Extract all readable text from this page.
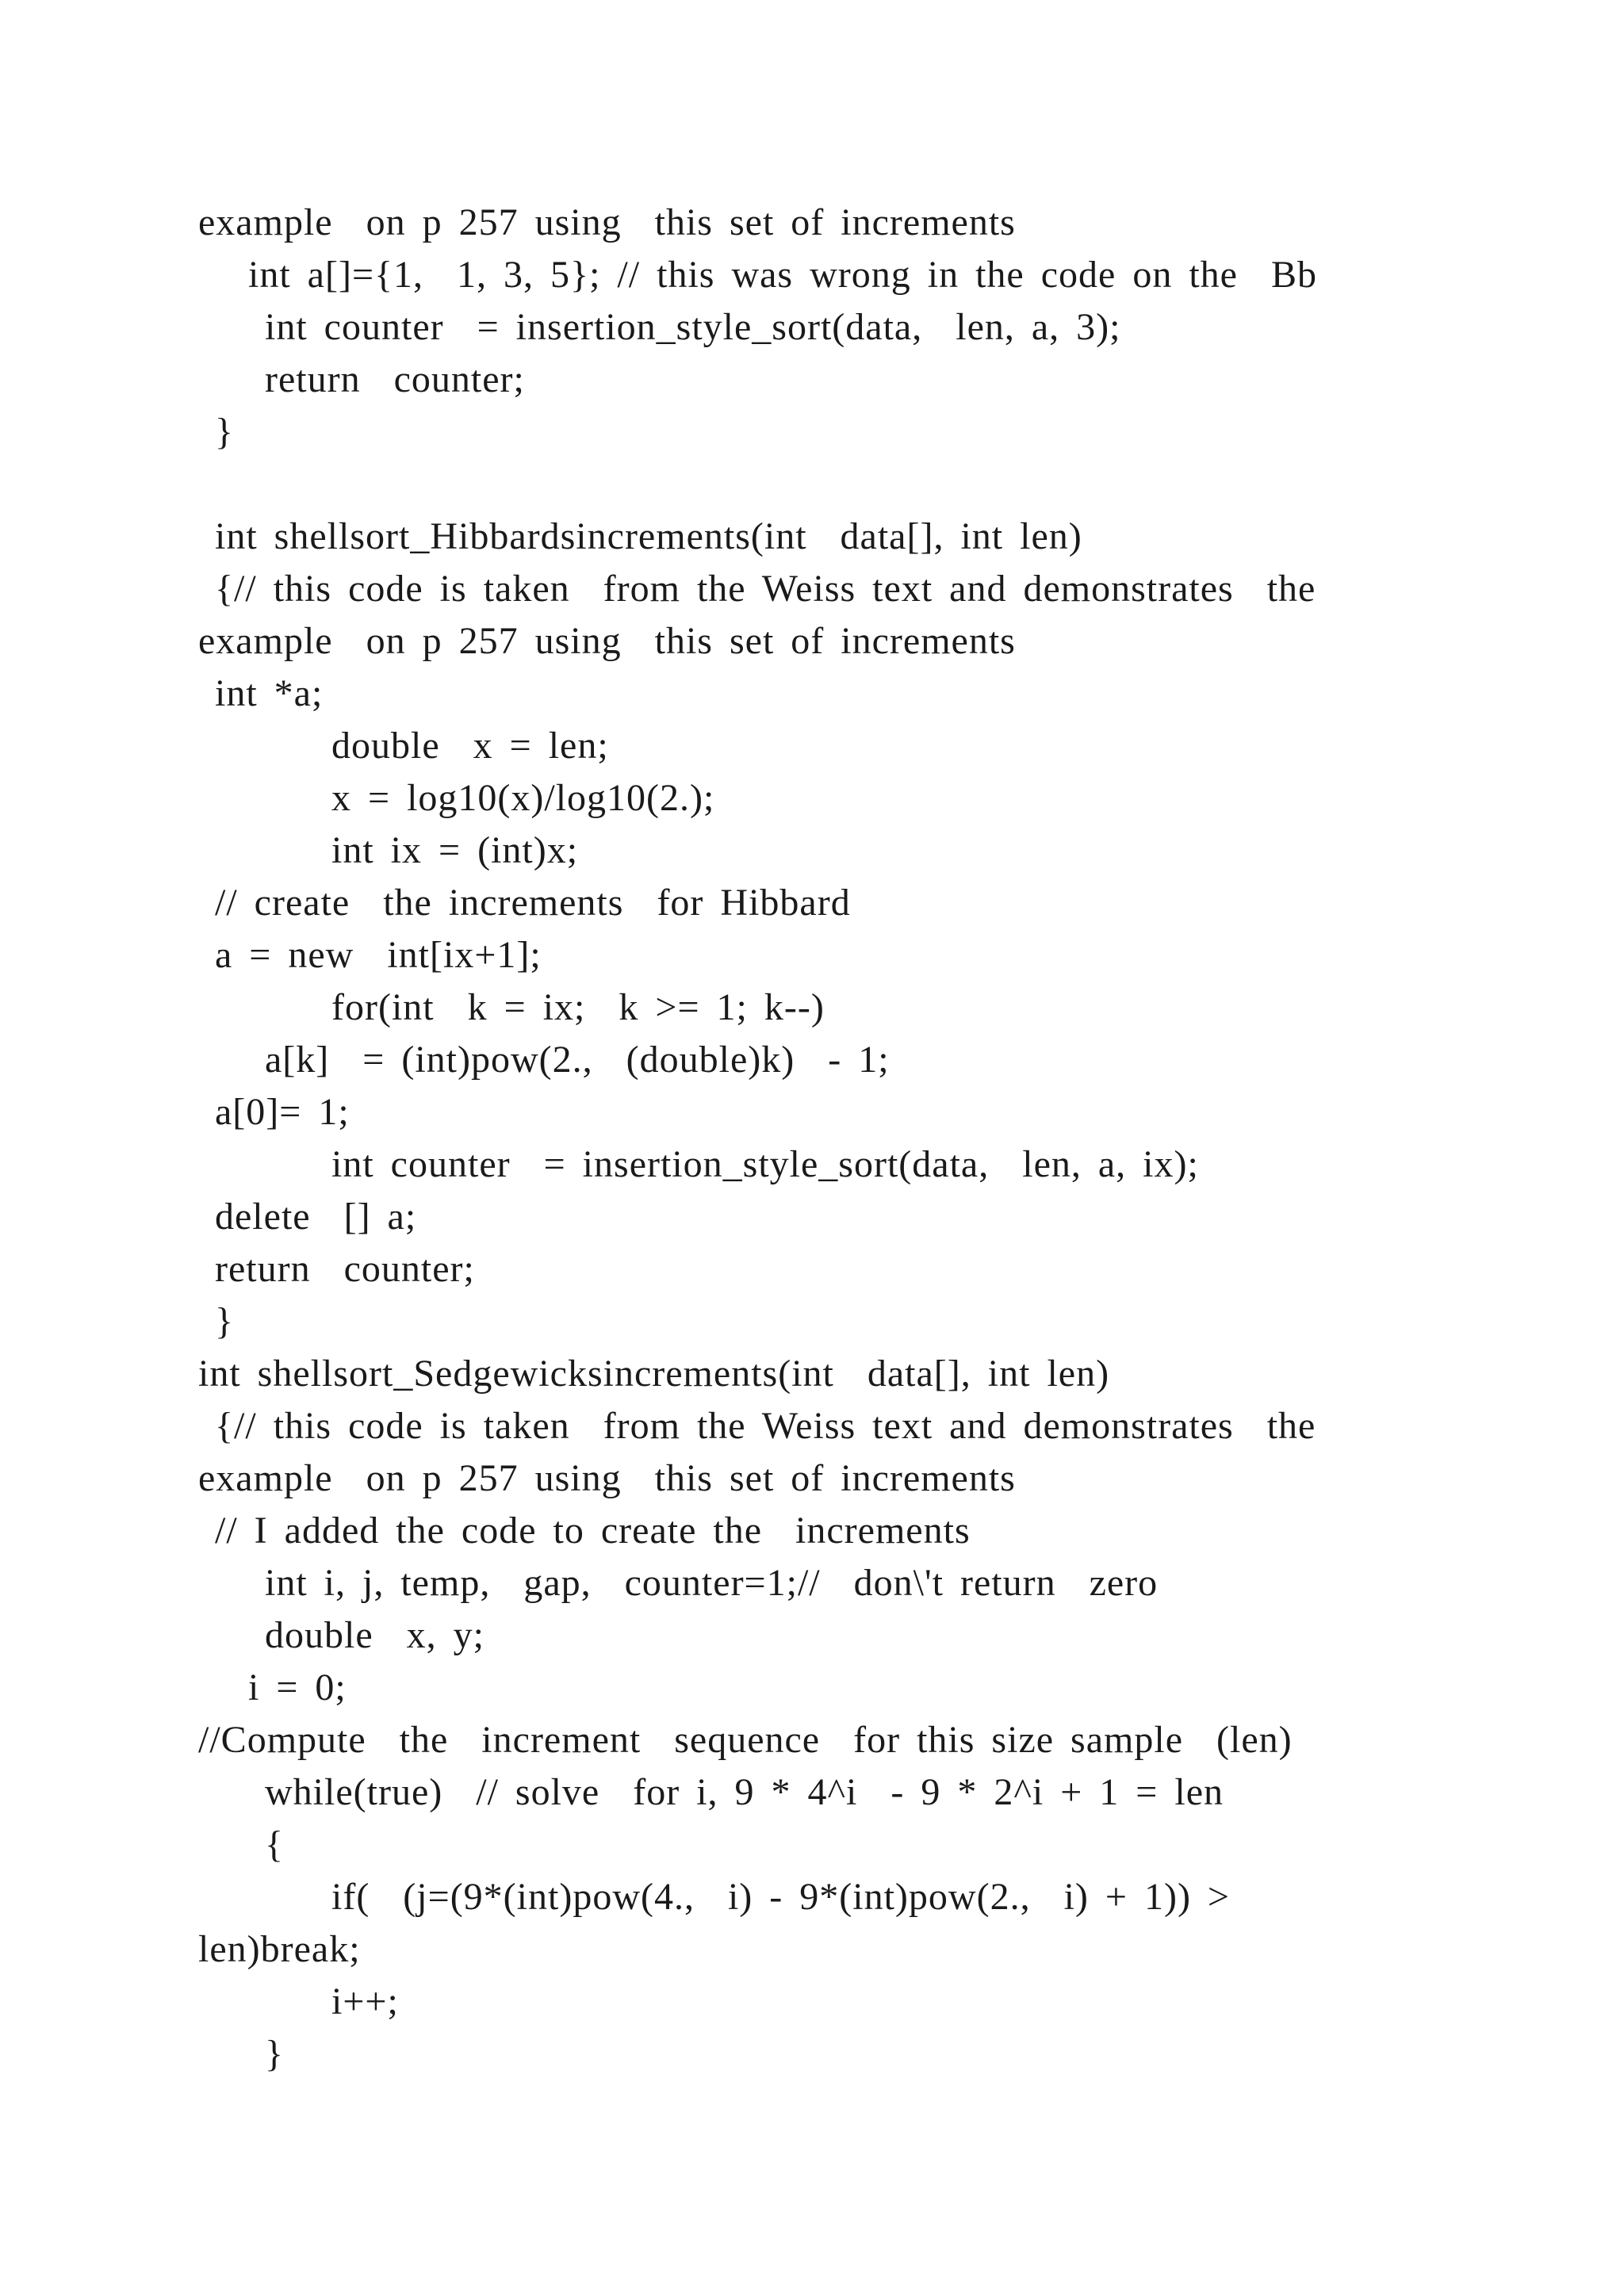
example  on p 257 using  this set of increments
int a[]={1,  1, 3, 5}; // this was wrong in the code on the  Bb
int counter  = insertion_style_sort(data,  len, a, 3);
return  counter;
}
int shellsort_Hibbardsincrements(int  data[], int len)
{// this code is taken  from the Weiss text and demonstrates  the
example  on p 257 using  this set of increments
int *a;
double  x = len;
x = log10(x)/log10(2.);
int ix = (int)x;
// create  the increments  for Hibbard
a = new  int[ix+1];
for(int  k = ix;  k >= 1; k--)
a[k]  = (int)pow(2.,  (double)k)  - 1;
a[0]= 1;
int counter  = insertion_style_sort(data,  len, a, ix);
delete  [] a;
return  counter;
}
int shellsort_Sedgewicksincrements(int  data[], int len)
{// this code is taken  from the Weiss text and demonstrates  the
example  on p 257 using  this set of increments
// I added the code to create the  increments
int i, j, temp,  gap,  counter=1;//  don\'t return  zero
double  x, y;
i = 0;
//Compute  the  increment  sequence  for this size sample  (len)
while(true)  // solve  for i, 9 * 4^i  - 9 * 2^i + 1 = len
{
if(  (j=(9*(int)pow(4.,  i) - 9*(int)pow(2.,  i) + 1)) >
len)break;
i++;
}
